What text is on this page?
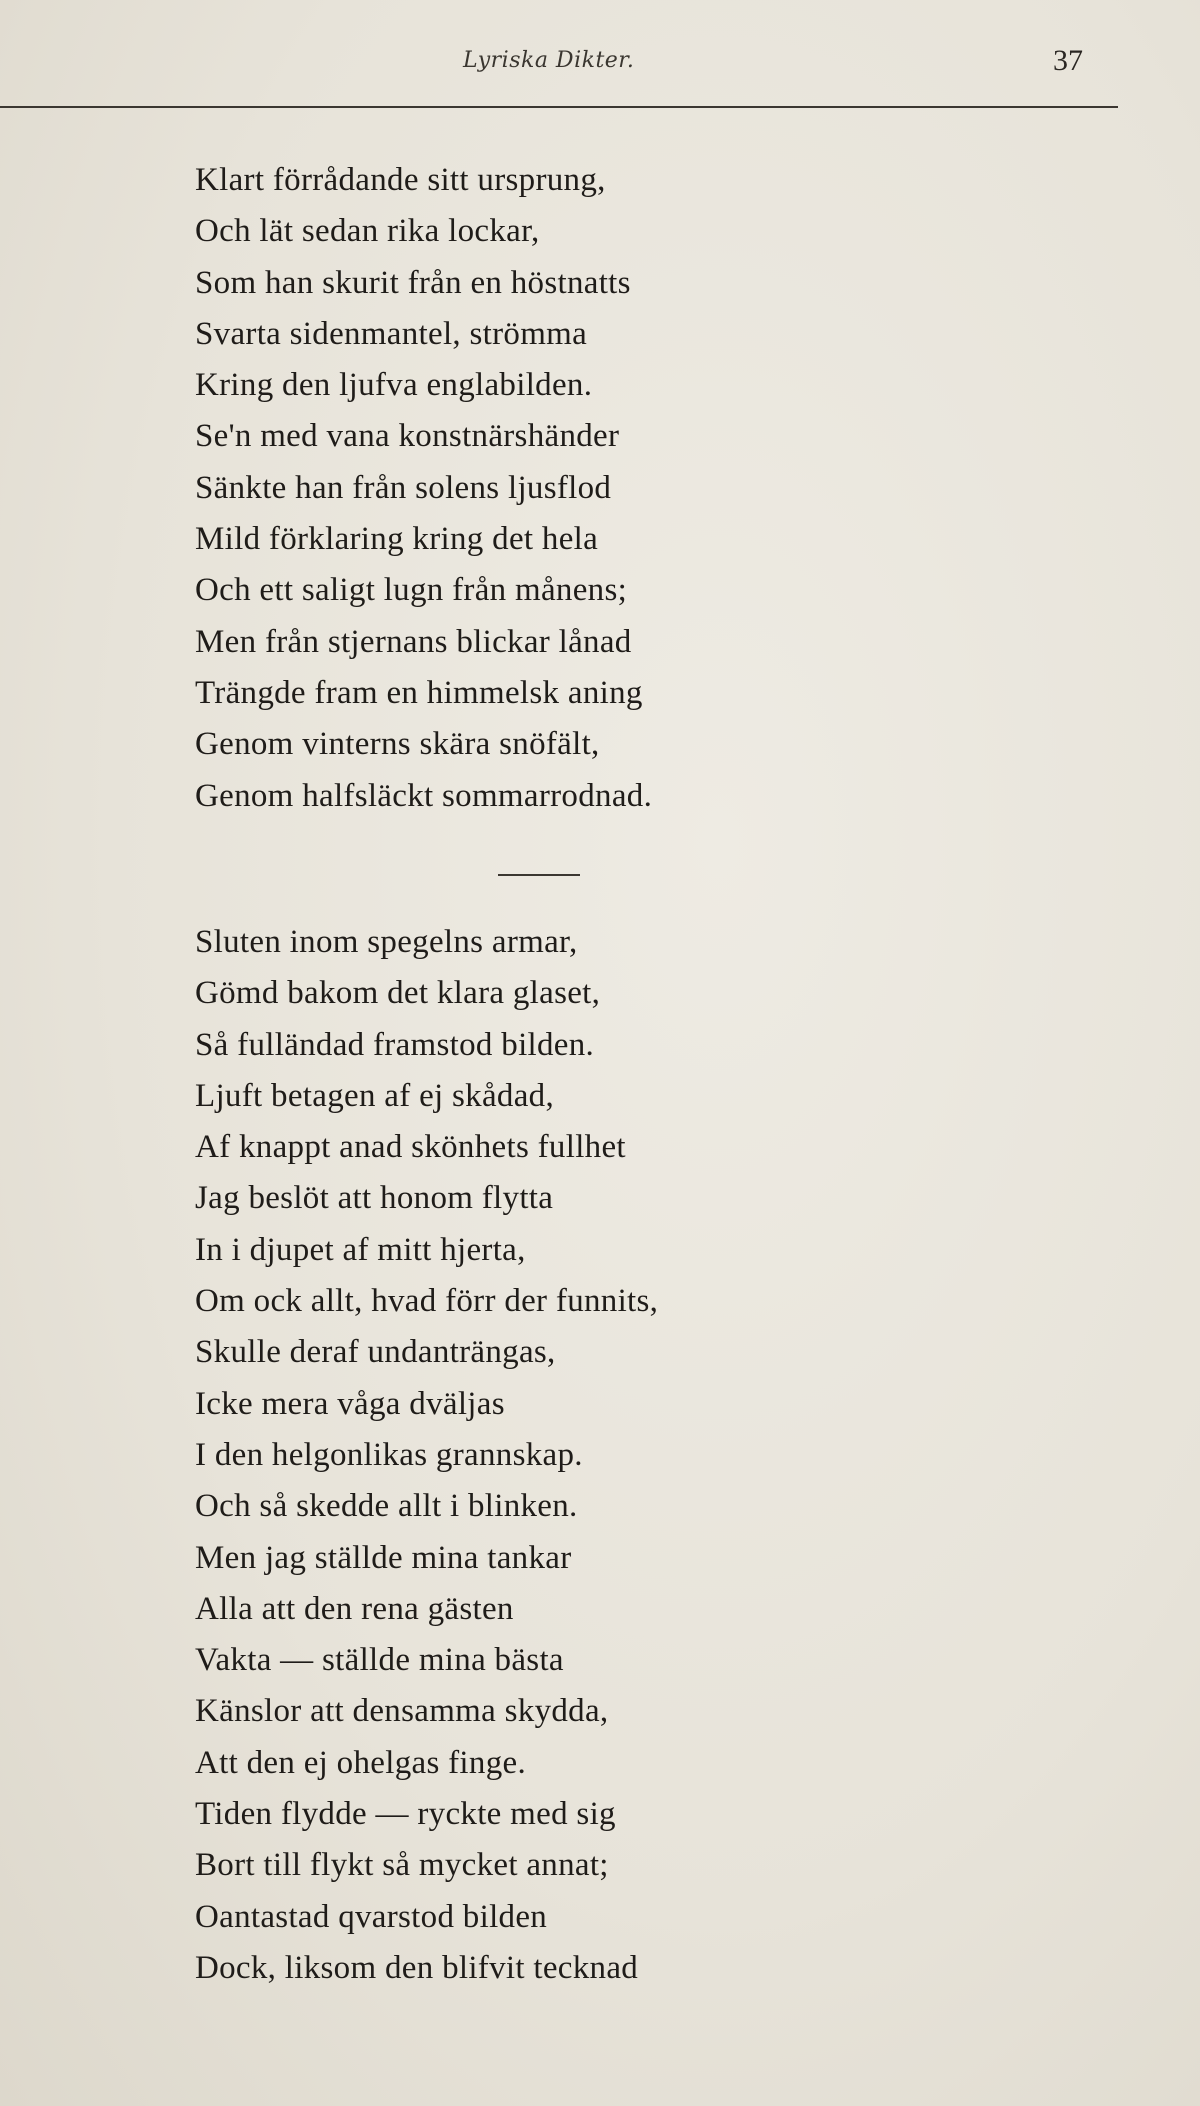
Lyriska Dikter.	37
Klart förrådande sitt ursprung,
Och lät sedan rika lockar,
Som han skurit från en höstnatts
Svarta sidenmantel, strömma
Kring den ljufva englabilden.
Se'n med vana konstnärshänder
Sänkte han från solens ljusflod
Mild förklaring kring det hela
Och ett saligt lugn från månens;
Men från stjernans blickar lånad
Trängde fram en himmelsk aning
Genom vinterns skära snöfält,
Genom halfsläckt sommarrodnad.
Sluten inom spegelns armar,
Gömd bakom det klara glaset,
Så fulländad framstod bilden.
Ljuft betagen af ej skådad,
Af knappt anad skönhets fullhet
Jag beslöt att honom flytta
In i djupet af mitt hjerta,
Om ock allt, hvad förr der funnits,
Skulle deraf undanträngas,
Icke mera våga dväljas
I den helgonlikas grannskap.
Och så skedde allt i blinken.
Men jag ställde mina tankar
Alla att den rena gästen
Vakta — ställde mina bästa
Känslor att densamma skydda,
Att den ej ohelgas finge.
Tiden flydde — ryckte med sig
Bort till flykt så mycket annat;
Oantastad qvarstod bilden
Dock, liksom den blifvit tecknad
